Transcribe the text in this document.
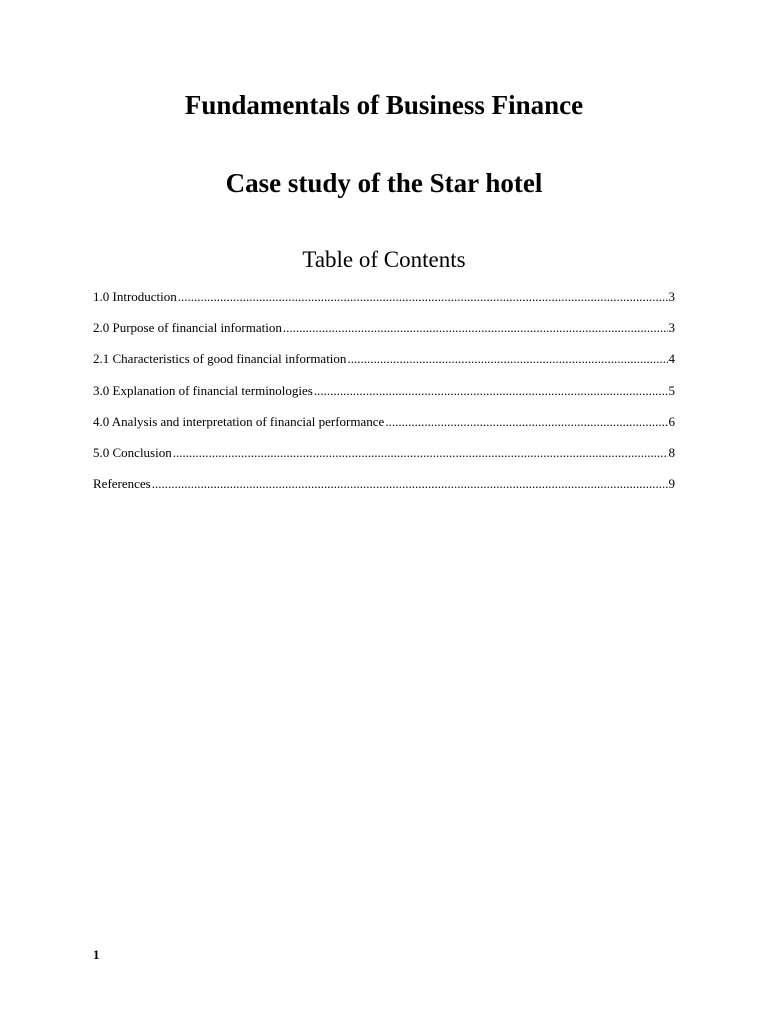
Fundamentals of Business Finance
Case study of the Star hotel
Table of Contents
1.0 Introduction .....	3
2.0 Purpose of financial information .....	3
2.1 Characteristics of good financial information .....	4
3.0 Explanation of financial terminologies .....	5
4.0 Analysis and interpretation of financial performance .....	6
5.0 Conclusion .....	8
References .....	9
1
